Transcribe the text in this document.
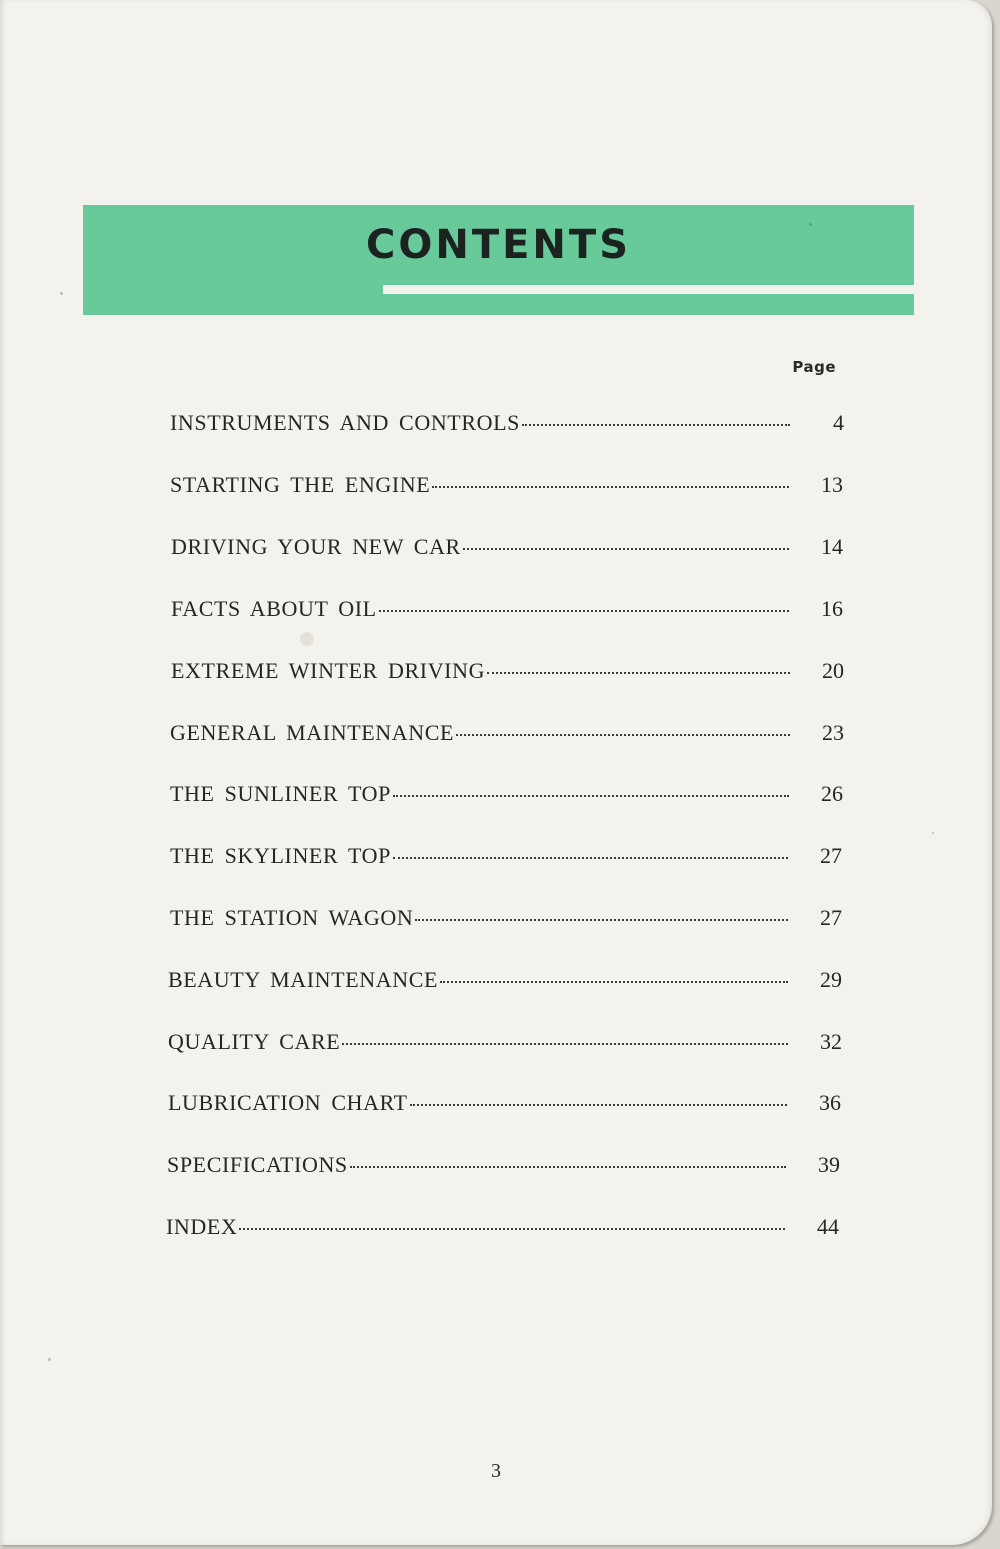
CONTENTS
Page
INSTRUMENTS AND CONTROLS	4
STARTING THE ENGINE	13
DRIVING YOUR NEW CAR	14
FACTS ABOUT OIL	16
EXTREME WINTER DRIVING	20
GENERAL MAINTENANCE	23
THE SUNLINER TOP	26
THE SKYLINER TOP	27
THE STATION WAGON	27
BEAUTY MAINTENANCE	29
QUALITY CARE	32
LUBRICATION CHART	36
SPECIFICATIONS	39
INDEX	44
3
